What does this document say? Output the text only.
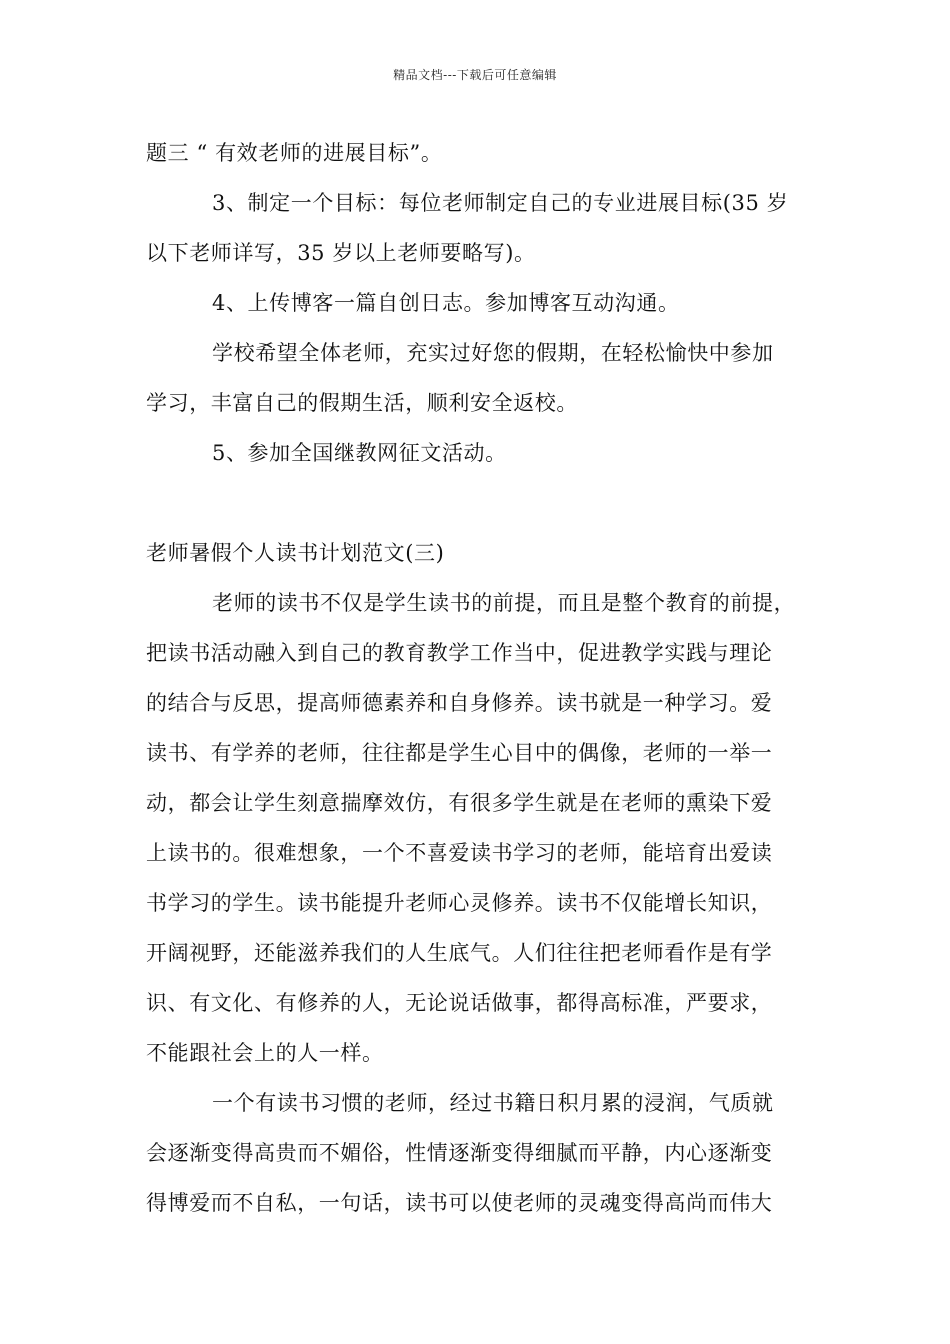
精品文档---下载后可任意编辑
题三 “ 有效老师的进展目标”。
3、制定一个目标：每位老师制定自己的专业进展目标(35 岁
以下老师详写，35 岁以上老师要略写)。
4、上传博客一篇自创日志。参加博客互动沟通。
学校希望全体老师，充实过好您的假期，在轻松愉快中参加
学习，丰富自己的假期生活，顺利安全返校。
5、参加全国继教网征文活动。
老师暑假个人读书计划范文(三)
老师的读书不仅是学生读书的前提，而且是整个教育的前提，
把读书活动融入到自己的教育教学工作当中，促进教学实践与理论
的结合与反思，提高师德素养和自身修养。读书就是一种学习。爱
读书、有学养的老师，往往都是学生心目中的偶像，老师的一举一
动，都会让学生刻意揣摩效仿，有很多学生就是在老师的熏染下爱
上读书的。很难想象，一个不喜爱读书学习的老师，能培育出爱读
书学习的学生。读书能提升老师心灵修养。读书不仅能增长知识，
开阔视野，还能滋养我们的人生底气。人们往往把老师看作是有学
识、有文化、有修养的人，无论说话做事，都得高标准，严要求，
不能跟社会上的人一样。
一个有读书习惯的老师，经过书籍日积月累的浸润，气质就
会逐渐变得高贵而不媚俗，性情逐渐变得细腻而平静，内心逐渐变
得博爱而不自私，一句话，读书可以使老师的灵魂变得高尚而伟大
